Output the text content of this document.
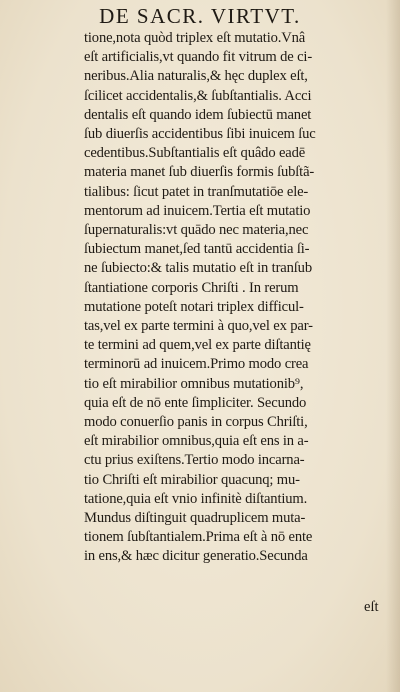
DE SACR. VIRTVT.
tione,nota quòd triplex eſt mutatio.Vnâ
eſt artificialis,vt quando fit vitrum de ci-
neribus.Alia naturalis,& hęc duplex eſt,
ſcilicet accidentalis,& ſubſtantialis. Acci
dentalis eſt quando idem ſubiectū manet
ſub diuerſis accidentibus ſibi inuicem ſuc
cedentibus.Subſtantialis eſt quâdo eadē
materia manet ſub diuerſis formis ſubſtã-
tialibus: ſicut patet in tranſmutatiōe ele-
mentorum ad inuicem.Tertia eſt mutatio
ſupernaturalis:vt quādo nec materia,nec
ſubiectum manet,ſed tantū accidentia ſi-
ne ſubiecto:& talis mutatio eſt in tranſub
ſtantiatione corporis Chriſti . In rerum
mutatione poteſt notari triplex difficul-
tas,vel ex parte termini à quo,vel ex par-
te termini ad quem,vel ex parte diſtantię
terminorū ad inuicem.Primo modo crea
tio eſt mirabilior omnibus mutationib⁹,
quia eſt de nō ente ſimpliciter. Secundo
modo conuerſio panis in corpus Chriſti,
eſt mirabilior omnibus,quia eſt ens in a-
ctu prius exiſtens.Tertio modo incarna-
tio Chriſti eſt mirabilior quacunq; mu-
tatione,quia eſt vnio infinitè diſtantium.
Mundus diſtinguit quadruplicem muta-
tionem ſubſtantialem.Prima eſt à nō ente
in ens,& hæc dicitur generatio.Secunda
eſt
